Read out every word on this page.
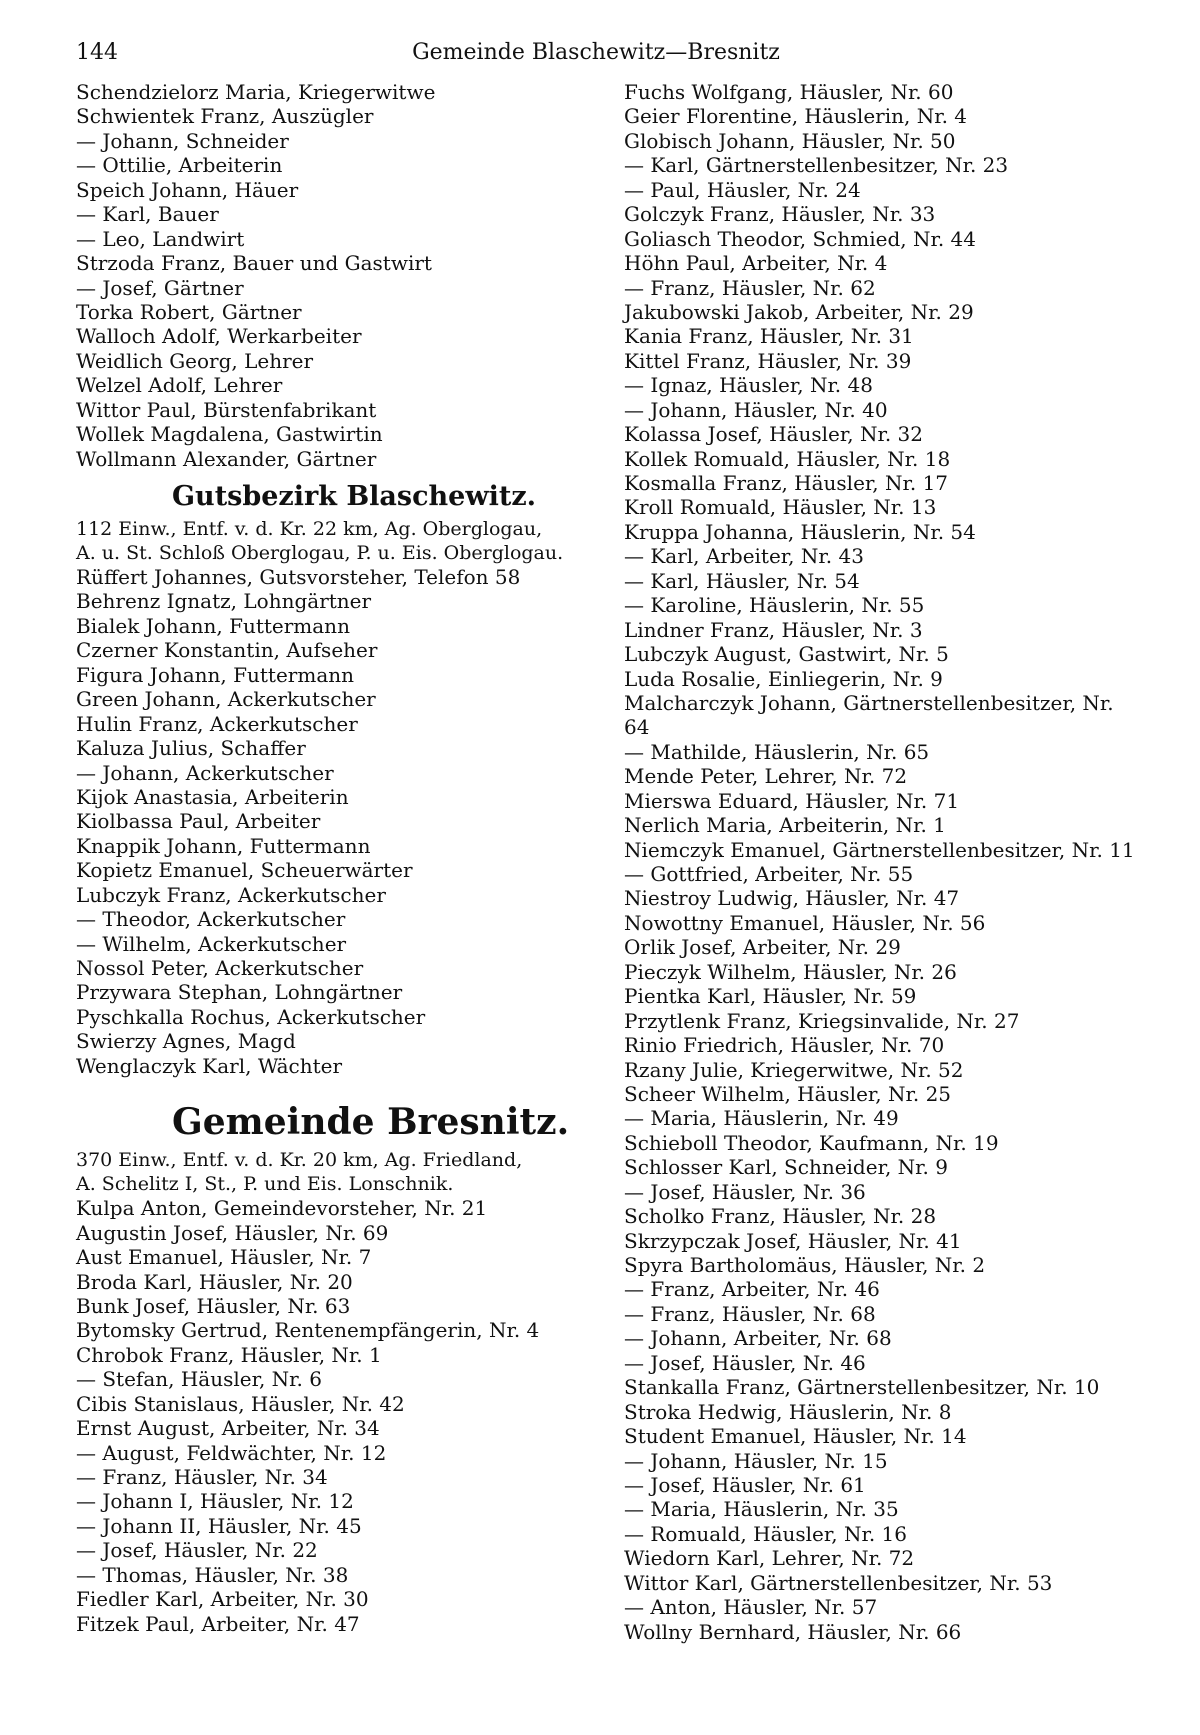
144	Gemeinde Blaschewitz—Bresnitz
Schendzielorz Maria, Kriegerwitwe
Schwientek Franz, Auszügler
— Johann, Schneider
— Ottilie, Arbeiterin
Speich Johann, Häuer
— Karl, Bauer
— Leo, Landwirt
Strzoda Franz, Bauer und Gastwirt
— Josef, Gärtner
Torka Robert, Gärtner
Walloch Adolf, Werkarbeiter
Weidlich Georg, Lehrer
Welzel Adolf, Lehrer
Wittor Paul, Bürstenfabrikant
Wollek Magdalena, Gastwirtin
Wollmann Alexander, Gärtner
Gutsbezirk Blaschewitz.
112 Einw., Entf. v. d. Kr. 22 km, Ag. Oberglogau,
A. u. St. Schloß Oberglogau, P. u. Eis. Oberglogau.
Rüffert Johannes, Gutsvorsteher, Telefon 58
Behrenz Ignatz, Lohngärtner
Bialek Johann, Futtermann
Czerner Konstantin, Aufseher
Figura Johann, Futtermann
Green Johann, Ackerkutscher
Hulin Franz, Ackerkutscher
Kaluza Julius, Schaffer
— Johann, Ackerkutscher
Kijok Anastasia, Arbeiterin
Kiolbassa Paul, Arbeiter
Knappik Johann, Futtermann
Kopietz Emanuel, Scheuerwärter
Lubczyk Franz, Ackerkutscher
— Theodor, Ackerkutscher
— Wilhelm, Ackerkutscher
Nossol Peter, Ackerkutscher
Przywara Stephan, Lohngärtner
Pyschkalla Rochus, Ackerkutscher
Swierzy Agnes, Magd
Wenglaczyk Karl, Wächter
Gemeinde Bresnitz.
370 Einw., Entf. v. d. Kr. 20 km, Ag. Friedland,
A. Schelitz I, St., P. und Eis. Lonschnik.
Kulpa Anton, Gemeindevorsteher, Nr. 21
Augustin Josef, Häusler, Nr. 69
Aust Emanuel, Häusler, Nr. 7
Broda Karl, Häusler, Nr. 20
Bunk Josef, Häusler, Nr. 63
Bytomsky Gertrud, Rentenempfängerin, Nr. 4
Chrobok Franz, Häusler, Nr. 1
— Stefan, Häusler, Nr. 6
Cibis Stanislaus, Häusler, Nr. 42
Ernst August, Arbeiter, Nr. 34
— August, Feldwächter, Nr. 12
— Franz, Häusler, Nr. 34
— Johann I, Häusler, Nr. 12
— Johann II, Häusler, Nr. 45
— Josef, Häusler, Nr. 22
— Thomas, Häusler, Nr. 38
Fiedler Karl, Arbeiter, Nr. 30
Fitzek Paul, Arbeiter, Nr. 47
Fuchs Wolfgang, Häusler, Nr. 60
Geier Florentine, Häuslerin, Nr. 4
Globisch Johann, Häusler, Nr. 50
— Karl, Gärtnerstellenbesitzer, Nr. 23
— Paul, Häusler, Nr. 24
Golczyk Franz, Häusler, Nr. 33
Goliasch Theodor, Schmied, Nr. 44
Höhn Paul, Arbeiter, Nr. 4
— Franz, Häusler, Nr. 62
Jakubowski Jakob, Arbeiter, Nr. 29
Kania Franz, Häusler, Nr. 31
Kittel Franz, Häusler, Nr. 39
— Ignaz, Häusler, Nr. 48
— Johann, Häusler, Nr. 40
Kolassa Josef, Häusler, Nr. 32
Kollek Romuald, Häusler, Nr. 18
Kosmalla Franz, Häusler, Nr. 17
Kroll Romuald, Häusler, Nr. 13
Kruppa Johanna, Häuslerin, Nr. 54
— Karl, Arbeiter, Nr. 43
— Karl, Häusler, Nr. 54
— Karoline, Häuslerin, Nr. 55
Lindner Franz, Häusler, Nr. 3
Lubczyk August, Gastwirt, Nr. 5
Luda Rosalie, Einliegerin, Nr. 9
Malcharczyk Johann, Gärtnerstellenbesitzer, Nr. 64
— Mathilde, Häuslerin, Nr. 65
Mende Peter, Lehrer, Nr. 72
Mierswa Eduard, Häusler, Nr. 71
Nerlich Maria, Arbeiterin, Nr. 1
Niemczyk Emanuel, Gärtnerstellenbesitzer, Nr. 11
— Gottfried, Arbeiter, Nr. 55
Niestroy Ludwig, Häusler, Nr. 47
Nowottny Emanuel, Häusler, Nr. 56
Orlik Josef, Arbeiter, Nr. 29
Pieczyk Wilhelm, Häusler, Nr. 26
Pientka Karl, Häusler, Nr. 59
Przytlenk Franz, Kriegsinvalide, Nr. 27
Rinio Friedrich, Häusler, Nr. 70
Rzany Julie, Kriegerwitwe, Nr. 52
Scheer Wilhelm, Häusler, Nr. 25
— Maria, Häuslerin, Nr. 49
Schieboll Theodor, Kaufmann, Nr. 19
Schlosser Karl, Schneider, Nr. 9
— Josef, Häusler, Nr. 36
Scholko Franz, Häusler, Nr. 28
Skrzypczak Josef, Häusler, Nr. 41
Spyra Bartholomäus, Häusler, Nr. 2
— Franz, Arbeiter, Nr. 46
— Franz, Häusler, Nr. 68
— Johann, Arbeiter, Nr. 68
— Josef, Häusler, Nr. 46
Stankalla Franz, Gärtnerstellenbesitzer, Nr. 10
Stroka Hedwig, Häuslerin, Nr. 8
Student Emanuel, Häusler, Nr. 14
— Johann, Häusler, Nr. 15
— Josef, Häusler, Nr. 61
— Maria, Häuslerin, Nr. 35
— Romuald, Häusler, Nr. 16
Wiedorn Karl, Lehrer, Nr. 72
Wittor Karl, Gärtnerstellenbesitzer, Nr. 53
— Anton, Häusler, Nr. 57
Wollny Bernhard, Häusler, Nr. 66
